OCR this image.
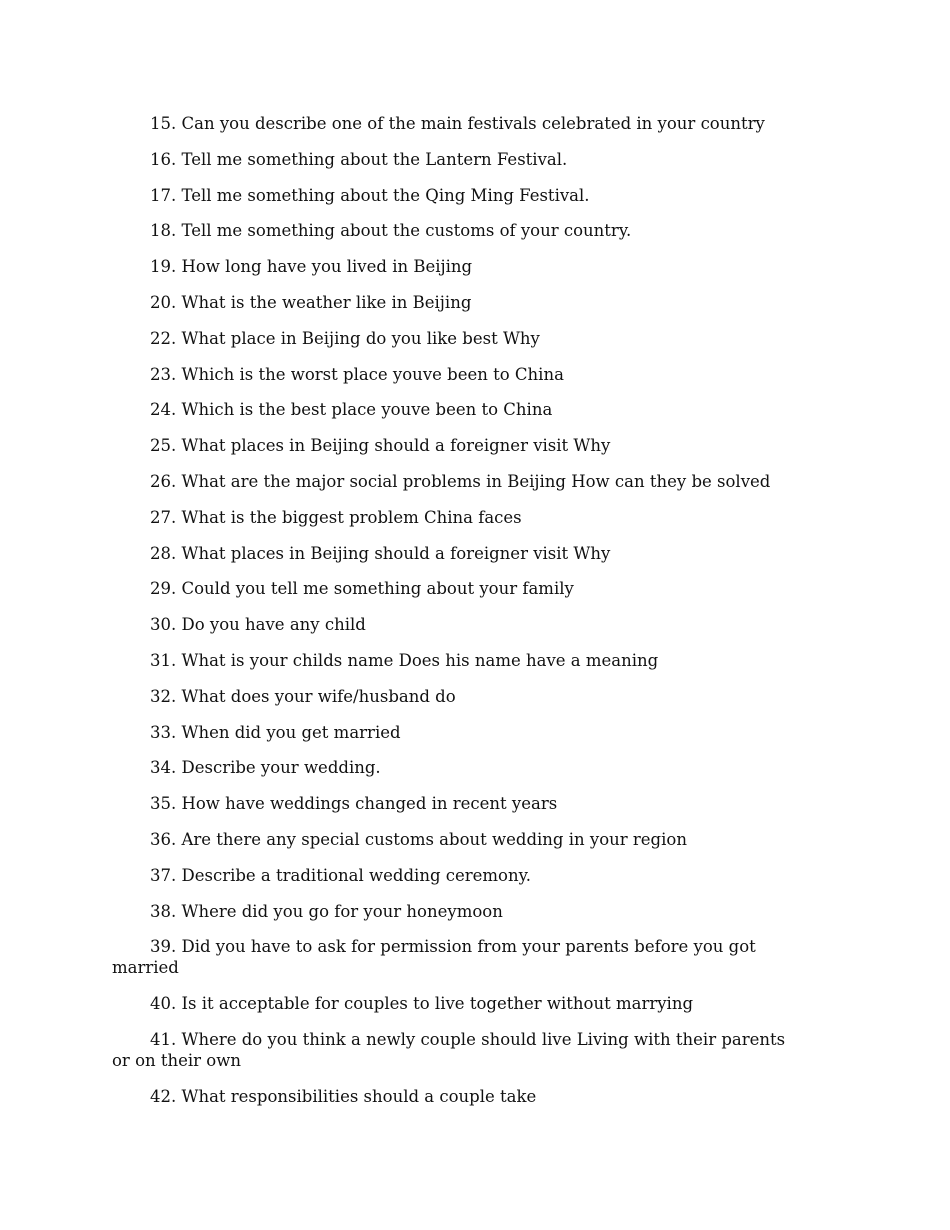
15. Can you describe one of the main festivals celebrated in your country
16. Tell me something about the Lantern Festival.
17. Tell me something about the Qing Ming Festival.
18. Tell me something about the customs of your country.
19. How long have you lived in Beijing
20. What is the weather like in Beijing
22. What place in Beijing do you like best Why
23. Which is the worst place youve been to China
24. Which is the best place youve been to China
25. What places in Beijing should a foreigner visit Why
26. What are the major social problems in Beijing How can they be solved
27. What is the biggest problem China faces
28. What places in Beijing should a foreigner visit Why
29. Could you tell me something about your family
30. Do you have any child
31. What is your childs name Does his name have a meaning
32. What does your wife/husband do
33. When did you get married
34. Describe your wedding.
35. How have weddings changed in recent years
36. Are there any special customs about wedding in your region
37. Describe a traditional wedding ceremony.
38. Where did you go for your honeymoon
39. Did you have to ask for permission from your parents before you got married
40. Is it acceptable for couples to live together without marrying
41. Where do you think a newly couple should live Living with their parents or on their own
42. What responsibilities should a couple take
